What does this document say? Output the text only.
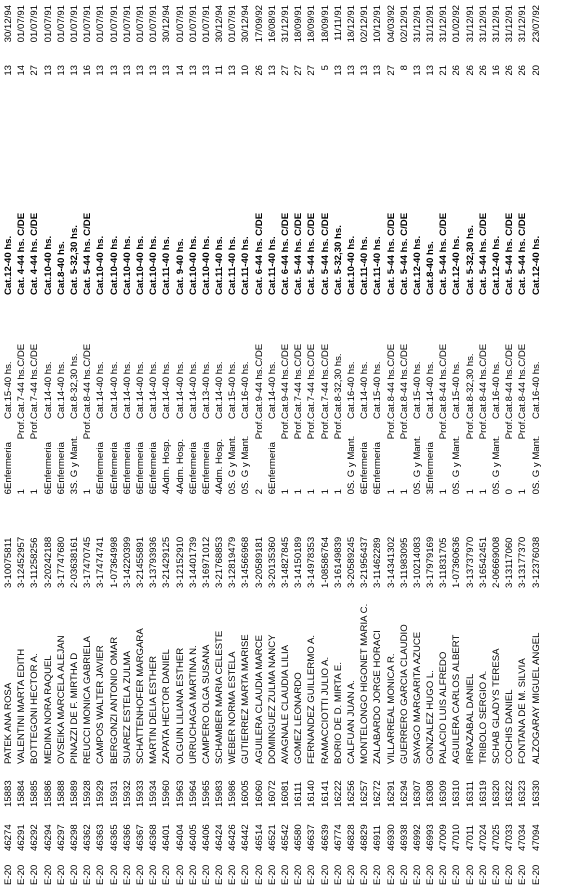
E-20	46274	15883	PATEK ANA ROSA	3-10075811	6	Enfermeria	Cat.15-40 hs.	Cat.12-40 hs.	13	30/12/94
E-20	46291	15884	VALENTINI MARTA EDITH	3-12452957	1	Prof.	Cat.7-44 hs.C/DE	Cat. 4-44 hs. C/DE	14	01/07/91
E-20	46292	15885	BOTTEGONI HECTOR A.	3-11258256	1	Prof.	Cat.7-44 hs.C/DE	Cat. 4-44 hs. C/DE	27	01/07/91
E-20	46294	15886	MEDINA NORA RAQUEL	3-20242188	6	Enfermeria	Cat.14-40 hs.	Cat.10-40 hs.	13	01/07/91
E-20	46297	15888	OVSEIKA MARCELA ALEJAN	3-17747680	6	Enfermeria	Cat.14-40 hs.	Cat.8-40 hs.	13	01/07/91
E-20	46298	15889	PINAZZI DE F. MIRTHA D	2-03638161	3	S. G y Mant.	Cat.8-32,30 hs.	Cat. 5-32,30 hs.	13	01/07/91
E-20	46362	15928	REUCCI MONICA GABRIELA	3-17470745	1	Prof.	Cat.8-44 hs.C/DE	Cat. 5-44 hs. C/DE	16	01/07/91
E-20	46363	15929	CAMPOS WALTER JAVIER	3-17474741	6	Enfermeria	Cat.14-40 hs.	Cat.10-40 hs.	13	01/07/91
E-20	46365	15931	BERGONZI ANTONIO OMAR	1-07364998	6	Enfermeria	Cat.14-40 hs.	Cat.10-40 hs.	13	01/07/91
E-20	46366	15932	SUAREZ ESTELA ZULMA	3-14220399	6	Enfermeria	Cat.14-40 hs.	Cat.10-40 hs.	13	01/07/91
E-20	46367	15933	SCHATTENHOFER MARGARA	3-21455891	6	Enfermeria	Cat.14-40 hs.	Cat.10-40 hs.	13	01/07/91
E-20	46368	15934	MARTIN DELIA ESTHER	3-13793936	6	Enfermeria	Cat.14-40 hs.	Cat.10-40 hs.	13	01/07/91
E-20	46401	15960	ZAPATA HECTOR DANIEL	3-21429125	4	Adm. Hosp.	Cat.14-40 hs.	Cat.11-40 hs.	13	30/12/94
E-20	46404	15963	OLGUIN LILIANA ESTHER	3-12152910	4	Adm. Hosp.	Cat.14-40 hs.	Cat. 9-40 hs.	14	01/07/91
E-20	46405	15964	URRUCHAGA MARTINA N.	3-14401739	6	Enfermeria	Cat.14-40 hs.	Cat.10-40 hs.	13	01/07/91
E-20	46406	15965	CAMPERO OLGA SUSANA	3-16971012	6	Enfermeria	Cat.13-40 hs.	Cat.10-40 hs.	13	01/07/91
E-20	46424	15983	SCHAMBER MARIA CELESTE	3-21768853	4	Adm. Hosp.	Cat.14-40 hs.	Cat.11-40 hs.	11	30/12/94
E-20	46426	15986	WEBER NORMA ESTELA	3-12819479	0	S. G y Mant.	Cat.15-40 hs.	Cat.11-40 hs.	13	01/07/91
E-20	46442	16005	GUTIERREZ MARTA MARISE	3-14566968	0	S. G y Mant.	Cat.16-40 hs.	Cat.11-40 hs.	10	30/12/94
E-20	46514	16060	AGUILERA CLAUDIA MARCE	3-20589181	2	Prof.	Cat.9-44 hs.C/DE	Cat. 6-44 hs. C/DE	26	17/09/92
E-20	46521	16072	DOMINGUEZ ZULMA NANCY	3-20135360	6	Enfermeria	Cat.14-40 hs.	Cat.11-40 hs.	13	16/08/91
E-20	46542	16081	AVAGNALE CLAUDIA LILIA	3-14827845	1	Prof.	Cat.9-44 hs.C/DE	Cat. 6-44 hs. C/DE	27	31/12/91
E-20	46580	16111	GOMEZ LEONARDO	3-14150189	1	Prof.	Cat.7-44 hs.C/DE	Cat. 5-44 hs. C/DE	27	18/09/91
E-20	46637	16140	FERNANDEZ GUILLERMO A.	3-14978353	1	Prof.	Cat.7-44 hs.C/DE	Cat. 5-44 hs. C/DE	27	18/09/91
E-20	46639	16141	RAMACCIOTTI JULIO A.	1-08586764	1	Prof.	Cat.7-44 hs.C/DE	Cat. 5-44 hs. C/DE	5	18/09/91
E-20	46774	16222	BORIO DE D. MIRTA E.	3-16149839	1	Prof.	Cat.8-32,30 hs.	Cat. 5-32,30 hs.	13	11/11/91
E-20	46828	16256	CALFUAN JUAN A.	3-20589245	0	S. G y Mant.	Cat.16-40 hs.	Cat.10-40 hs.	13	18/12/91
E-20	46829	16257	MONTELONGO HIGONET MARIA C.	3-21956437	6	Enfermeria	Cat.14-40 hs.	Cat.11-40 hs.	13	02/12/91
E-20	46911	16272	ZALABARDO JORGE HORACI	3-11462289	6	Enfermeria	Cat.15-40 hs.	Cat.11-40 hs.	13	10/12/91
E-20	46930	16291	VILLARREAL MONICA R.	3-14341302	1	Prof.	Cat.8-44 hs.C/DE	Cat. 5-44 hs. C/DE	27	04/03/92
E-20	46938	16294	GUERRERO GARCIA CLAUDIO	3-11983095	1	Prof.	Cat.8-44 hs.C/DE	Cat. 5-44 hs. C/DE	8	02/12/91
E-20	46992	16307	SAYAGO MARGARITA AZUCE	3-10214083	0	S. G y Mant.	Cat.15-40 hs.	Cat.12-40 hs.	13	31/12/91
E-20	46993	16308	GONZALEZ HUGO L.	3-17979169	3	Enfermeria	Cat.14-40 hs.	Cat.8-40 hs.	13	31/12/91
E-20	47009	16309	PALACIO LUIS ALFREDO	3-11831705	1	Prof.	Cat.8-44 hs.C/DE	Cat. 5-44 hs. C/DE	21	31/12/91
E-20	47010	16310	AGUILERA CARLOS ALBERT	1-07360636	0	S. G y Mant.	Cat.15-40 hs.	Cat.12-40 hs.	26	01/02/92
E-20	47011	16311	IRRAZABAL DANIEL	3-13737970	1	Prof.	Cat.8-32,30 hs.	Cat. 5-32,30 hs.	26	31/12/91
E-20	47024	16319	TRIBOLO SERGIO A.	3-16542451	1	Prof.	Cat.8-44 hs.C/DE	Cat. 5-44 hs. C/DE	26	31/12/91
E-20	47025	16320	SCHAB GLADYS TERESA	2-06669008	0	S. G y Mant.	Cat.16-40 hs.	Cat.12-40 hs.	16	31/12/91
E-20	47033	16322	COCHIS DANIEL	3-13117060	0	Prof.	Cat.8-44 hs.C/DE	Cat. 5-44 hs. C/DE	26	31/12/91
E-20	47034	16323	FONTANA DE M. SILVIA	3-13177370	1	Prof.	Cat.8-44 hs.C/DE	Cat. 5-44 hs. C/DE	26	31/12/91
E-20	47094	16330	ALZOGARAY MIGUEL ANGEL	3-12376038	0	S. G y Mant.	Cat.16-40 hs.	Cat.12-40 hs.	20	23/07/92
